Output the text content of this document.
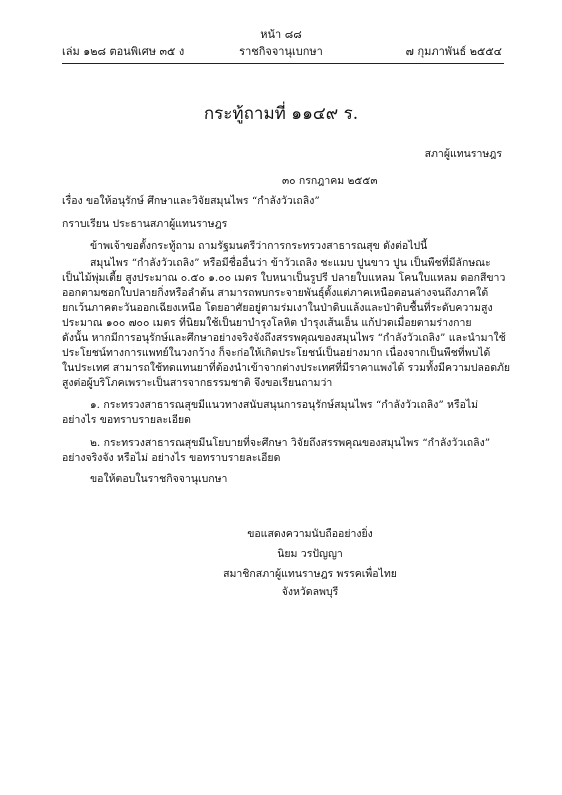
หน้า ๘๘
เล่ม ๑๒๘ ตอนพิเศษ ๓๕ ง	ราชกิจจานุเบกษา	๗ กุมภาพันธ์ ๒๕๕๔
กระทู้ถามที่ ๑๑๔๙ ร.
สภาผู้แทนราษฎร
๓๐ กรกฎาคม ๒๕๕๓
เรื่อง ขอให้อนุรักษ์ ศึกษาและวิจัยสมุนไพร “กำลังวัวเถลิง”
กราบเรียน ประธานสภาผู้แทนราษฎร
ข้าพเจ้าขอตั้งกระทู้ถาม ถามรัฐมนตรีว่าการกระทรวงสาธารณสุข ดังต่อไปนี้
สมุนไพร “กำลังวัวเถลิง” หรือมีชื่ออื่นว่า ข้าวัวเถลิง ชะแมบ ปูนขาว ปูน เป็นพืชที่มีลักษณะ
เป็นไม้พุ่มเตี้ย สูงประมาณ ๐.๕๐ ๑.๐๐ เมตร ใบหนาเป็นรูปรี ปลายใบแหลม โคนใบแหลม ดอกสีขาว
ออกตามซอกใบปลายกิ่งหรือลำต้น สามารถพบกระจายพันธุ์ตั้งแต่ภาคเหนือตอนล่างจนถึงภาคใต้
ยกเว้นภาคตะวันออกเฉียงเหนือ โดยอาศัยอยู่ตามร่มเงาในป่าดิบแล้งและป่าดิบชื้นที่ระดับความสูง
ประมาณ ๑๐๐ ๗๐๐ เมตร ที่นิยมใช้เป็นยาบำรุงโลหิต บำรุงเส้นเอ็น แก้ปวดเมื่อยตามร่างกาย
ดังนั้น หากมีการอนุรักษ์และศึกษาอย่างจริงจังถึงสรรพคุณของสมุนไพร “กำลังวัวเถลิง” และนำมาใช้
ประโยชน์ทางการแพทย์ในวงกว้าง ก็จะก่อให้เกิดประโยชน์เป็นอย่างมาก เนื่องจากเป็นพืชที่พบได้
ในประเทศ สามารถใช้ทดแทนยาที่ต้องนำเข้าจากต่างประเทศที่มีราคาแพงได้ รวมทั้งมีความปลอดภัย
สูงต่อผู้บริโภคเพราะเป็นสารจากธรรมชาติ จึงขอเรียนถามว่า
๑. กระทรวงสาธารณสุขมีแนวทางสนับสนุนการอนุรักษ์สมุนไพร “กำลังวัวเถลิง” หรือไม่
อย่างไร ขอทราบรายละเอียด
๒. กระทรวงสาธารณสุขมีนโยบายที่จะศึกษา วิจัยถึงสรรพคุณของสมุนไพร “กำลังวัวเถลิง”
อย่างจริงจัง หรือไม่ อย่างไร ขอทราบรายละเอียด
ขอให้ตอบในราชกิจจานุเบกษา
ขอแสดงความนับถืออย่างยิ่ง
นิยม วรปัญญา
สมาชิกสภาผู้แทนราษฎร พรรคเพื่อไทย
จังหวัดลพบุรี
